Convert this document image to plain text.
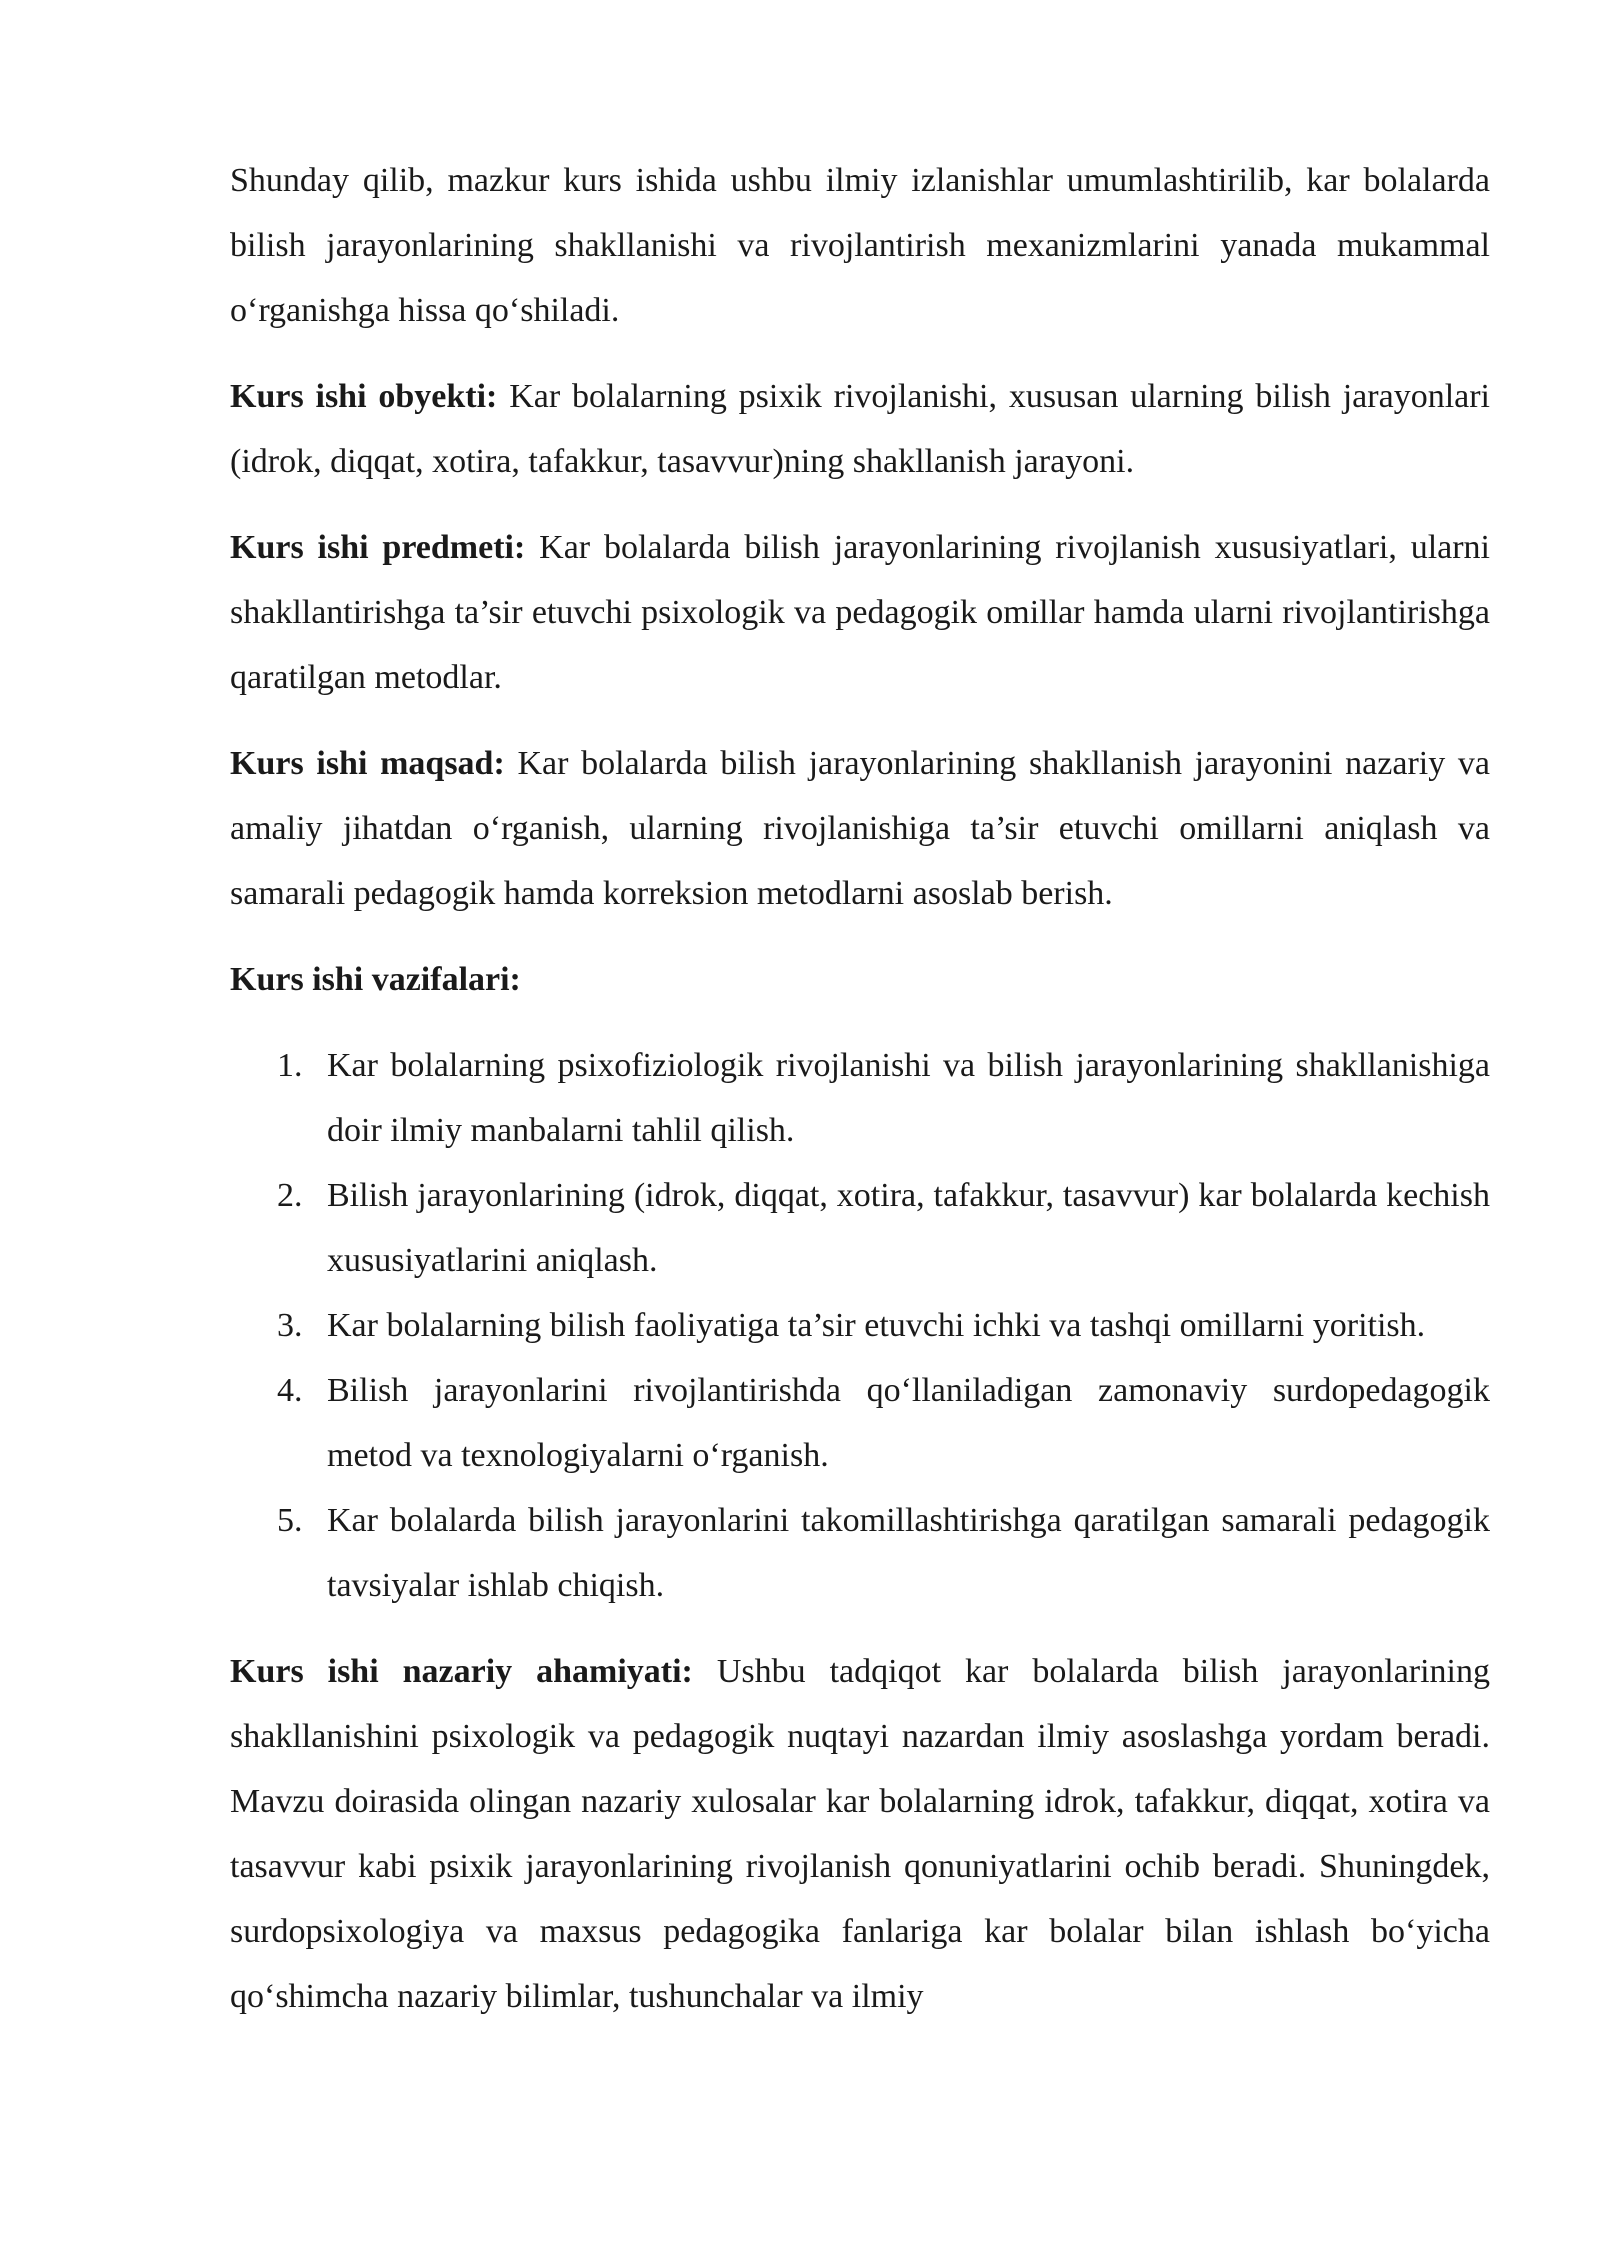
Shunday qilib, mazkur kurs ishida ushbu ilmiy izlanishlar umumlashtirilib, kar bolalarda bilish jarayonlarining shakllanishi va rivojlantirish mexanizmlarini yanada mukammal o‘rganishga hissa qo‘shiladi.

Kurs ishi obyekti: Kar bolalarning psixik rivojlanishi, xususan ularning bilish jarayonlari (idrok, diqqat, xotira, tafakkur, tasavvur)ning shakllanish jarayoni.

Kurs ishi predmeti: Kar bolalarda bilish jarayonlarining rivojlanish xususiyatlari, ularni shakllantirishga ta’sir etuvchi psixologik va pedagogik omillar hamda ularni rivojlantirishga qaratilgan metodlar.

Kurs ishi maqsad: Kar bolalarda bilish jarayonlarining shakllanish jarayonini nazariy va amaliy jihatdan o‘rganish, ularning rivojlanishiga ta’sir etuvchi omillarni aniqlash va samarali pedagogik hamda korreksion metodlarni asoslab berish.

Kurs ishi vazifalari:

1. Kar bolalarning psixofiziologik rivojlanishi va bilish jarayonlarining shakllanishiga doir ilmiy manbalarni tahlil qilish.
2. Bilish jarayonlarining (idrok, diqqat, xotira, tafakkur, tasavvur) kar bolalarda kechish xususiyatlarini aniqlash.
3. Kar bolalarning bilish faoliyatiga ta’sir etuvchi ichki va tashqi omillarni yoritish.
4. Bilish jarayonlarini rivojlantirishda qo‘llaniladigan zamonaviy surdopedagogik metod va texnologiyalarni o‘rganish.
5. Kar bolalarda bilish jarayonlarini takomillashtirishga qaratilgan samarali pedagogik tavsiyalar ishlab chiqish.

Kurs ishi nazariy ahamiyati: Ushbu tadqiqot kar bolalarda bilish jarayonlarining shakllanishini psixologik va pedagogik nuqtayi nazardan ilmiy asoslashga yordam beradi. Mavzu doirasida olingan nazariy xulosalar kar bolalarning idrok, tafakkur, diqqat, xotira va tasavvur kabi psixik jarayonlarining rivojlanish qonuniyatlarini ochib beradi. Shuningdek, surdopsixologiya va maxsus pedagogika fanlariga kar bolalar bilan ishlash bo‘yicha qo‘shimcha nazariy bilimlar, tushunchalar va ilmiy
